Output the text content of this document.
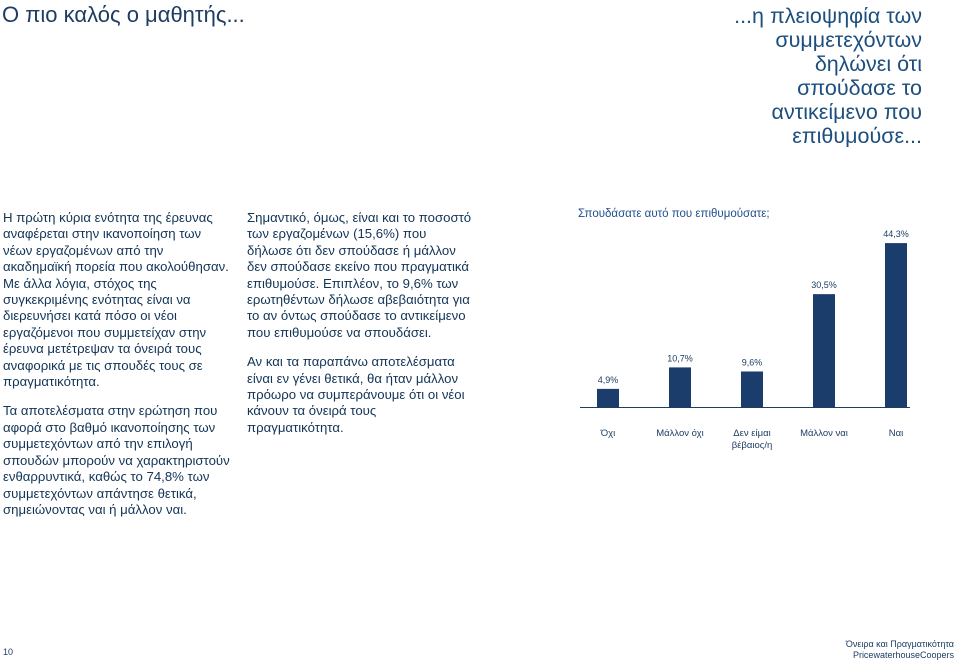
Ο πιο καλός ο μαθητής...	...η πλειοψηφία των συμμετεχόντων δηλώνει ότι σπούδασε το αντικείμενο που επιθυμούσε...

Η πρώτη κύρια ενότητα της έρευνας αναφέρεται στην ικανοποίηση των νέων εργαζομένων από την ακαδημαϊκή πορεία που ακολούθησαν. Με άλλα λόγια, στόχος της συγκεκριμένης ενότητας είναι να διερευνήσει κατά πόσο οι νέοι εργαζόμενοι που συμμετείχαν στην έρευνα μετέτρεψαν τα όνειρά τους αναφορικά με τις σπουδές τους σε πραγματικότητα.

Τα αποτελέσματα στην ερώτηση που αφορά στο βαθμό ικανοποίησης των συμμετεχόντων από την επιλογή σπουδών μπορούν να χαρακτηριστούν ενθαρρυντικά, καθώς το 74,8% των συμμετεχόντων απάντησε θετικά, σημειώνοντας ναι ή μάλλον ναι.

Σημαντικό, όμως, είναι και το ποσοστό των εργαζομένων (15,6%) που δήλωσε ότι δεν σπούδασε ή μάλλον δεν σπούδασε εκείνο που πραγματικά επιθυμούσε. Επιπλέον, το 9,6% των ερωτηθέντων δήλωσε αβεβαιότητα για το αν όντως σπούδασε το αντικείμενο που επιθυμούσε να σπουδάσει.

Αν και τα παραπάνω αποτελέσματα είναι εν γένει θετικά, θα ήταν μάλλον πρόωρο να συμπεράνουμε ότι οι νέοι κάνουν τα όνειρά τους πραγματικότητα.

Σπουδάσατε αυτό που επιθυμούσατε;
4,9%
Όχι
10,7%
Μάλλον όχι
9,6%
Δεν είμαι βέβαιος/η
30,5%
Μάλλον ναι
44,3%
Ναι
10
Όνειρα και Πραγματικότητα
PricewaterhouseCoopers
